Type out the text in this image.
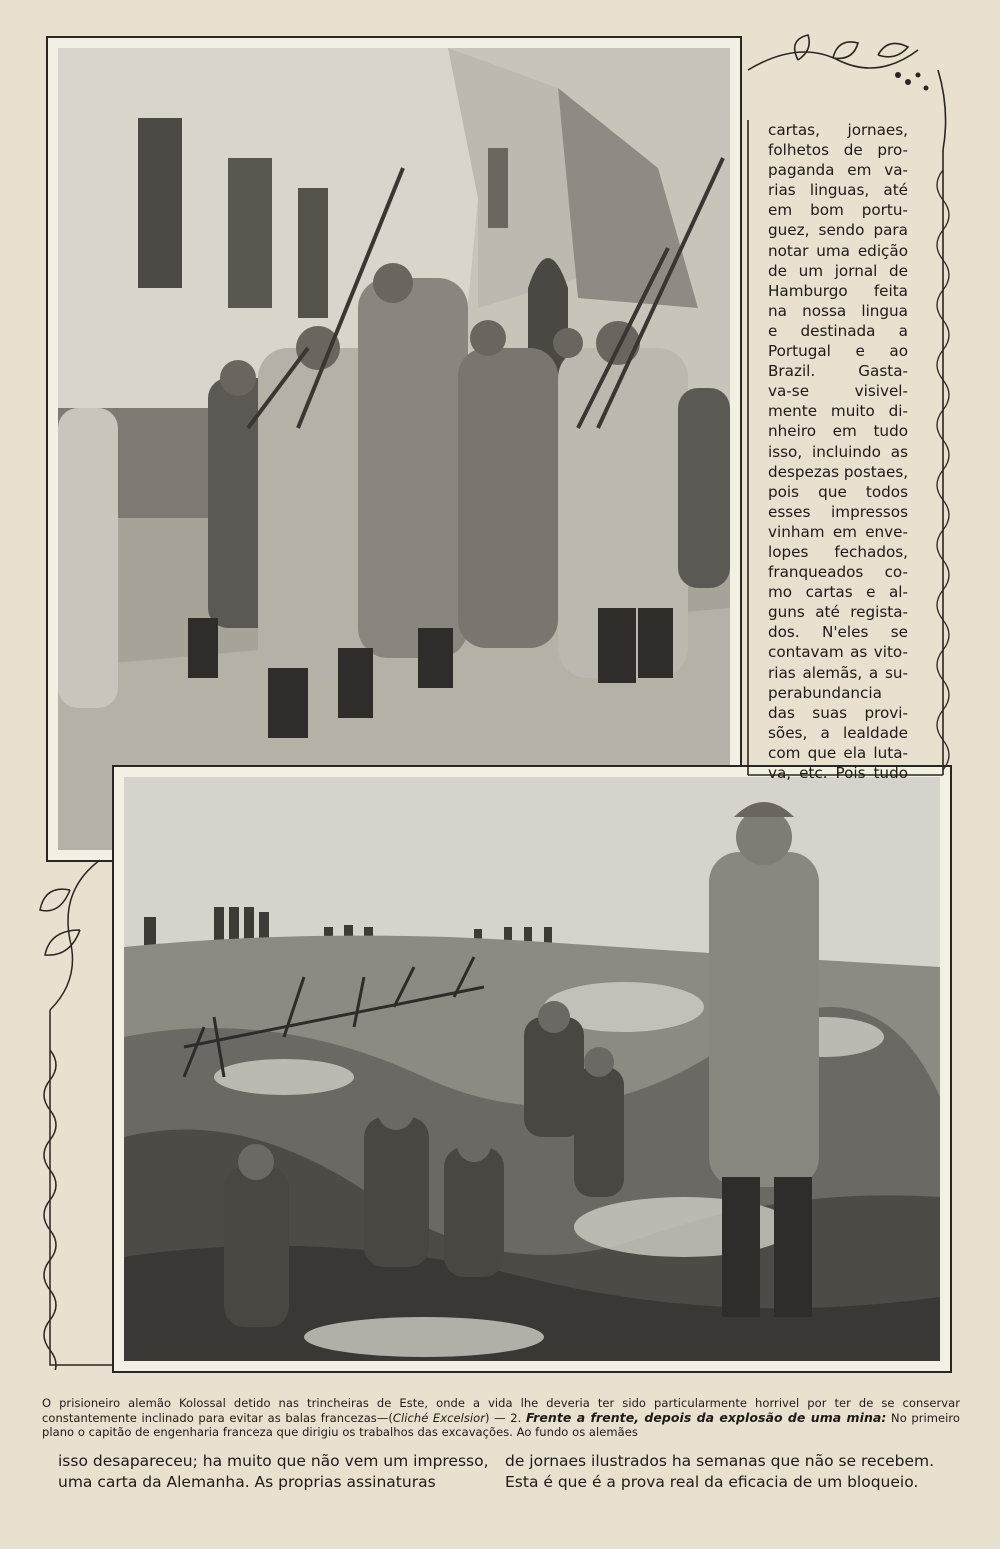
cartas, jornaes,
folhetos de pro-
paganda em va-
rias linguas, até
em bom portu-
guez, sendo para
notar uma edição
de um jornal de
Hamburgo feita
na nossa lingua
e destinada a
Portugal e ao
Brazil. Gasta-
va-se visivel-
mente muito di-
nheiro em tudo
isso, incluindo as
despezas postaes,
pois que todos
esses impressos
vinham em enve-
lopes fechados,
franqueados co-
mo cartas e al-
guns até regista-
dos. N'eles se
contavam as vito-
rias alemãs, a su-
perabundancia
das suas provi-
sões, a lealdade
com que ela luta-
va, etc. Pois tudo
O prisioneiro alemão Kolossal detido nas trincheiras de Este, onde a vida lhe deveria ter sido particularmente horrivel por ter de se conservar constantemente inclinado para evitar as balas francezas—(Cliché Excelsior) — 2. Frente a frente, depois da explosão de uma mina: No primeiro plano o capitão de engenharia franceza que dirigiu os trabalhos das excavações. Ao fundo os alemães
isso desapareceu; ha muito que não vem um impresso,
uma carta da Alemanha. As proprias assinaturas
de jornaes ilustrados ha semanas que não se recebem.
Esta é que é a prova real da eficacia de um bloqueio.
